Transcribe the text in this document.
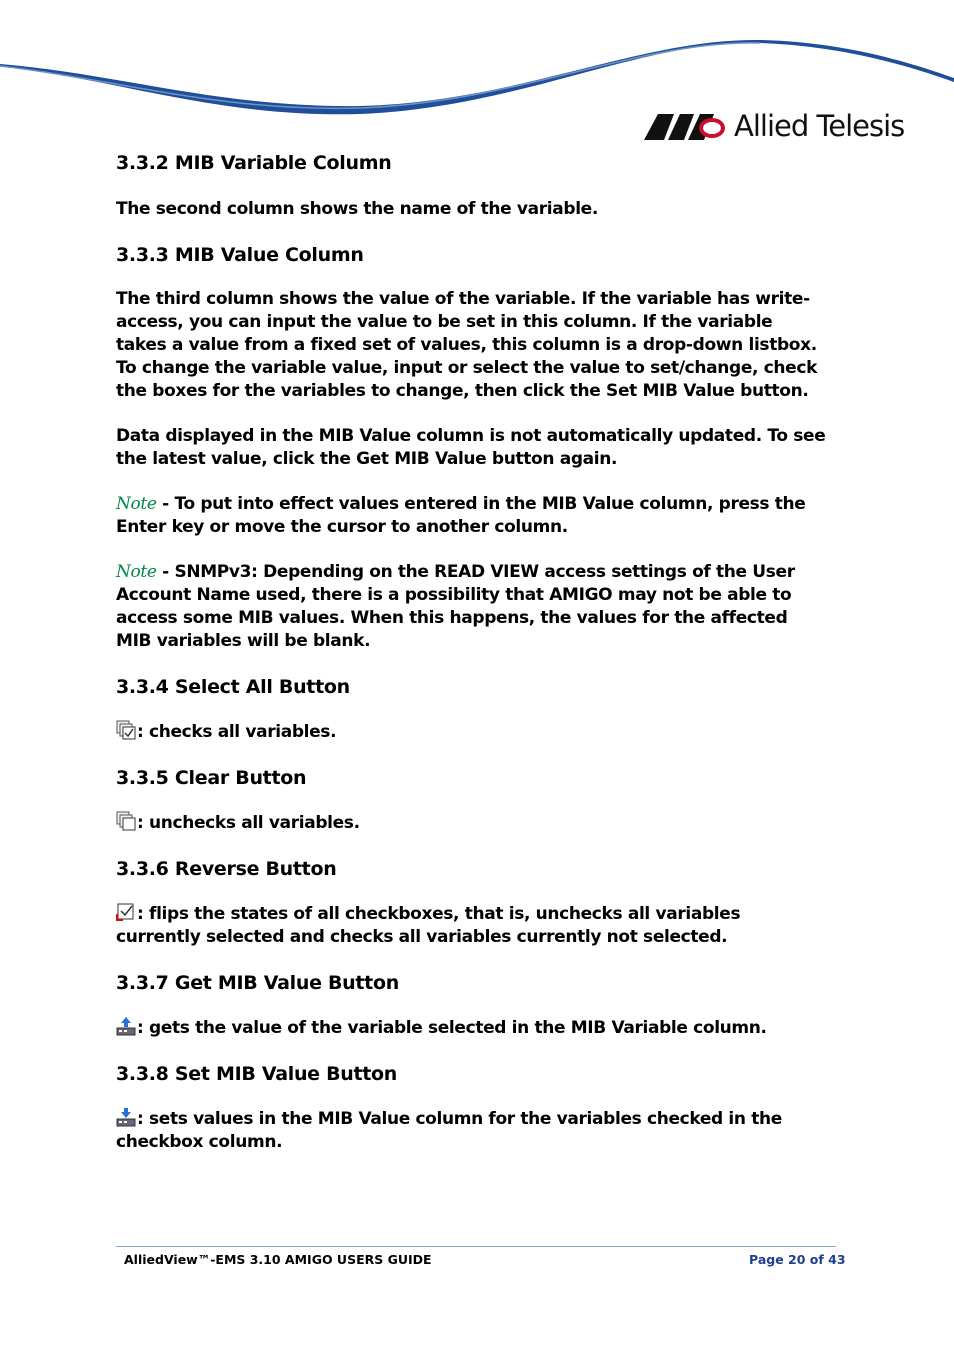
Allied Telesis
3.3.2 MIB Variable Column

The second column shows the name of the variable.

3.3.3 MIB Value Column

The third column shows the value of the variable. If the variable has write-access, you can input the value to be set in this column. If the variable takes a value from a fixed set of values, this column is a drop-down listbox. To change the variable value, input or select the value to set/change, check the boxes for the variables to change, then click the Set MIB Value button.

Data displayed in the MIB Value column is not automatically updated. To see the latest value, click the Get MIB Value button again.

Note - To put into effect values entered in the MIB Value column, press the Enter key or move the cursor to another column.

Note - SNMPv3: Depending on the READ VIEW access settings of the User Account Name used, there is a possibility that AMIGO may not be able to access some MIB values. When this happens, the values for the affected MIB variables will be blank.

3.3.4 Select All Button

: checks all variables.

3.3.5 Clear Button

: unchecks all variables.

3.3.6 Reverse Button

: flips the states of all checkboxes, that is, unchecks all variables currently selected and checks all variables currently not selected.

3.3.7 Get MIB Value Button

: gets the value of the variable selected in the MIB Variable column.

3.3.8 Set MIB Value Button

: sets values in the MIB Value column for the variables checked in the checkbox column.

AlliedView™-EMS 3.10 AMIGO USERS GUIDE	Page 20 of 43
